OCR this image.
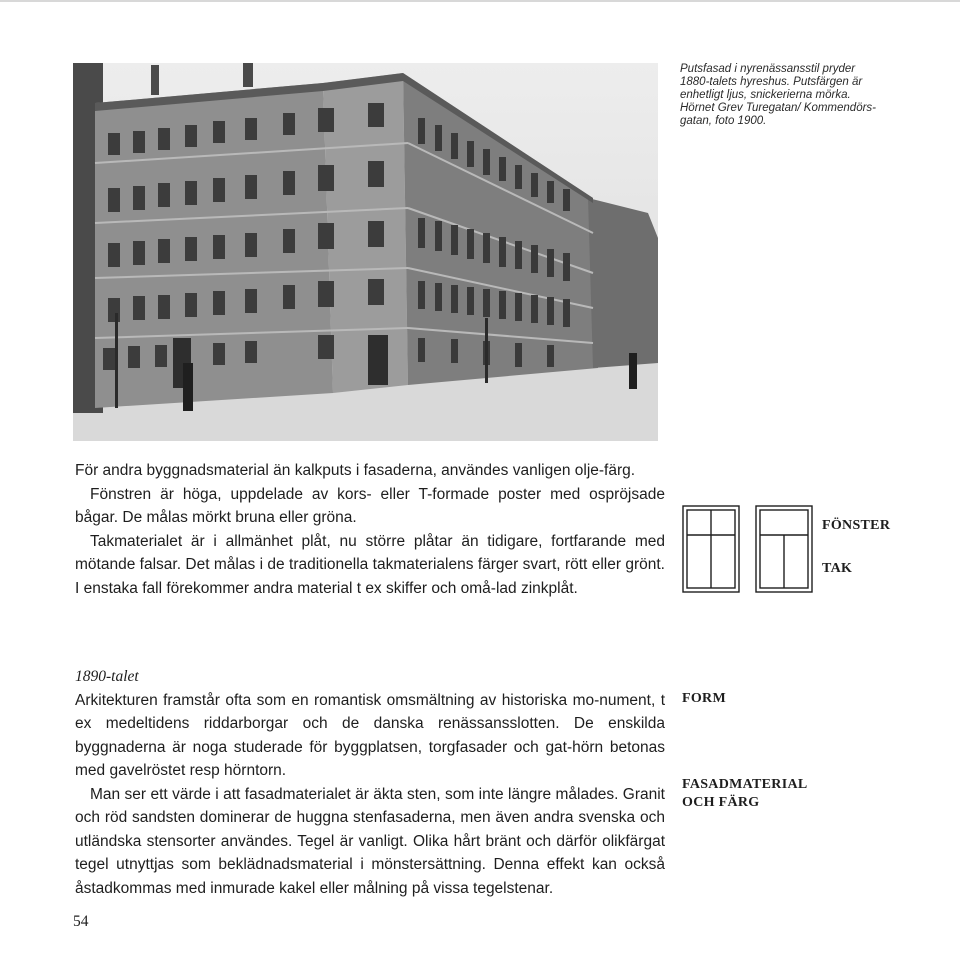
Putsfasad i nyrenässansstil pryder
1880-talets hyreshus. Putsfärgen är
enhetligt ljus, snickerierna mörka.
Hörnet Grev Turegatan/ Kommendörs-
gatan, foto 1900.

För andra byggnadsmaterial än kalkputs i fasaderna, användes vanligen olje-färg.

Fönstren är höga, uppdelade av kors- eller T-formade poster med ospröjsade bågar. De målas mörkt bruna eller gröna.

Takmaterialet är i allmänhet plåt, nu större plåtar än tidigare, fortfarande med mötande falsar. Det målas i de traditionella takmaterialens färger svart, rött eller grönt. I enstaka fall förekommer andra material t ex skiffer och omå-lad zinkplåt.

FÖNSTER
TAK
FORM
FASADMATERIAL
OCH FÄRG

1890-talet

Arkitekturen framstår ofta som en romantisk omsmältning av historiska mo-nument, t ex medeltidens riddarborgar och de danska renässansslotten. De enskilda byggnaderna är noga studerade för byggplatsen, torgfasader och gat-hörn betonas med gavelröstet resp hörntorn.

Man ser ett värde i att fasadmaterialet är äkta sten, som inte längre målades. Granit och röd sandsten dominerar de huggna stenfasaderna, men även andra svenska och utländska stensorter användes. Tegel är vanligt. Olika hårt bränt och därför olikfärgat tegel utnyttjas som beklädnadsmaterial i mönstersättning. Denna effekt kan också åstadkommas med inmurade kakel eller målning på vissa tegelstenar.

54
